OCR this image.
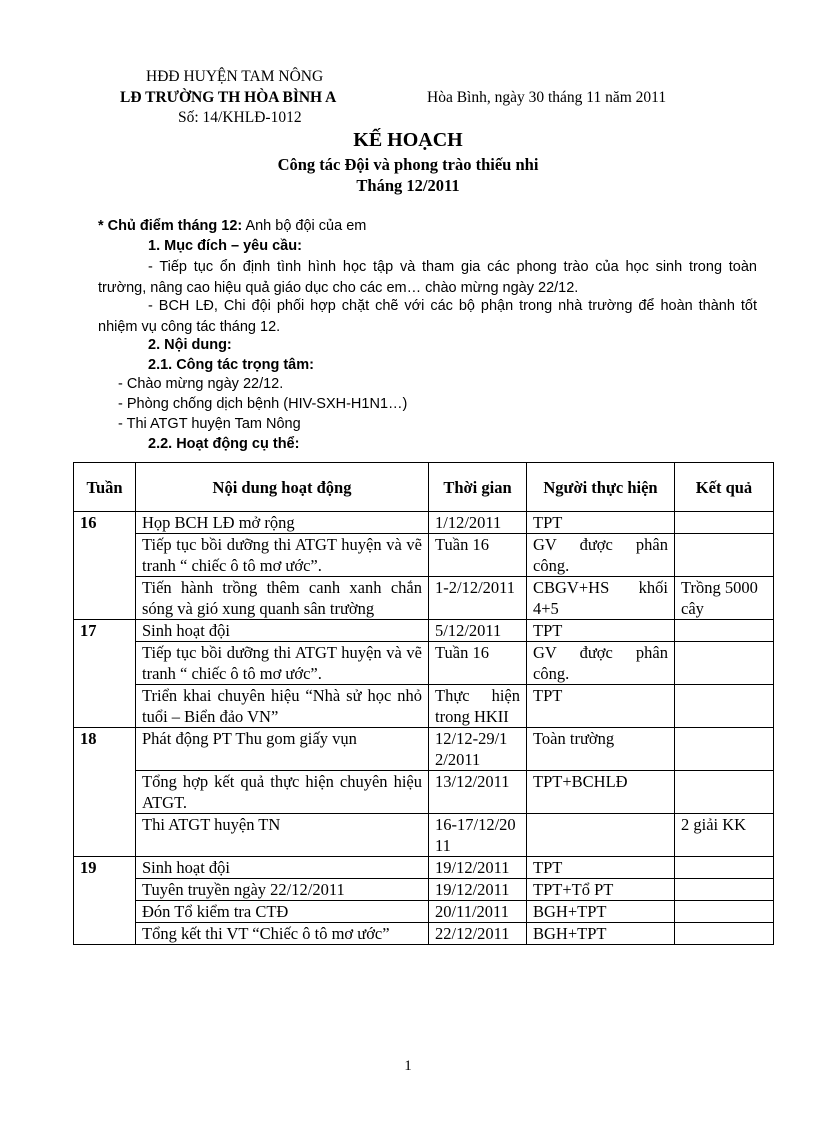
HĐĐ HUYỆN TAM NÔNG
LĐ TRƯỜNG TH HÒA BÌNH A	Hòa Bình, ngày 30 tháng 11 năm 2011
Số: 14/KHLĐ-1012
KẾ HOẠCH
Công tác Đội và phong trào thiếu nhi
Tháng 12/2011
* Chủ điểm tháng 12: Anh bộ đội của em
1. Mục đích – yêu cầu:
- Tiếp tục ổn định tình hình học tập và tham gia các phong trào của học sinh trong toàn trường, nâng cao hiệu quả giáo dục cho các em… chào mừng ngày 22/12.
- BCH LĐ, Chi đội phối hợp chặt chẽ với các bộ phận trong nhà trường để hoàn thành tốt nhiệm vụ công tác tháng 12.
2. Nội dung:
2.1. Công tác trọng tâm:
- Chào mừng ngày 22/12.
- Phòng chống dịch bệnh (HIV-SXH-H1N1…)
- Thi ATGT huyện Tam Nông
2.2. Hoạt động cụ thể:
Tuần	Nội dung hoạt động	Thời gian	Người thực hiện	Kết quả
16	Họp BCH LĐ mở rộng	1/12/2011	TPT	
	Tiếp tục bồi dưỡng thi ATGT huyện và vẽ tranh “ chiếc ô tô mơ ước”.	Tuần 16	GV được phân công.	
	Tiến hành trồng thêm canh xanh chắn sóng và gió xung quanh sân trường	1-2/12/2011	CBGV+HS khối 4+5	Trồng 5000 cây
17	Sinh hoạt đội	5/12/2011	TPT	
	Tiếp tục bồi dưỡng thi ATGT huyện và vẽ tranh “ chiếc ô tô mơ ước”.	Tuần 16	GV được phân công.	
	Triển khai chuyên hiệu “Nhà sử học nhỏ tuổi – Biển đảo VN”	Thực hiện trong HKII	TPT	
18	Phát động PT Thu gom giấy vụn	12/12-29/12/2011	Toàn trường	
	Tổng hợp kết quả thực hiện chuyên hiệu ATGT.	13/12/2011	TPT+BCHLĐ	
	Thi ATGT huyện TN	16-17/12/2011		2 giải KK
19	Sinh hoạt đội	19/12/2011	TPT	
	Tuyên truyền ngày 22/12/2011	19/12/2011	TPT+Tổ PT	
	Đón Tổ kiểm tra CTĐ	20/11/2011	BGH+TPT	
	Tổng kết thi VT “Chiếc ô tô mơ ước”	22/12/2011	BGH+TPT	
1
